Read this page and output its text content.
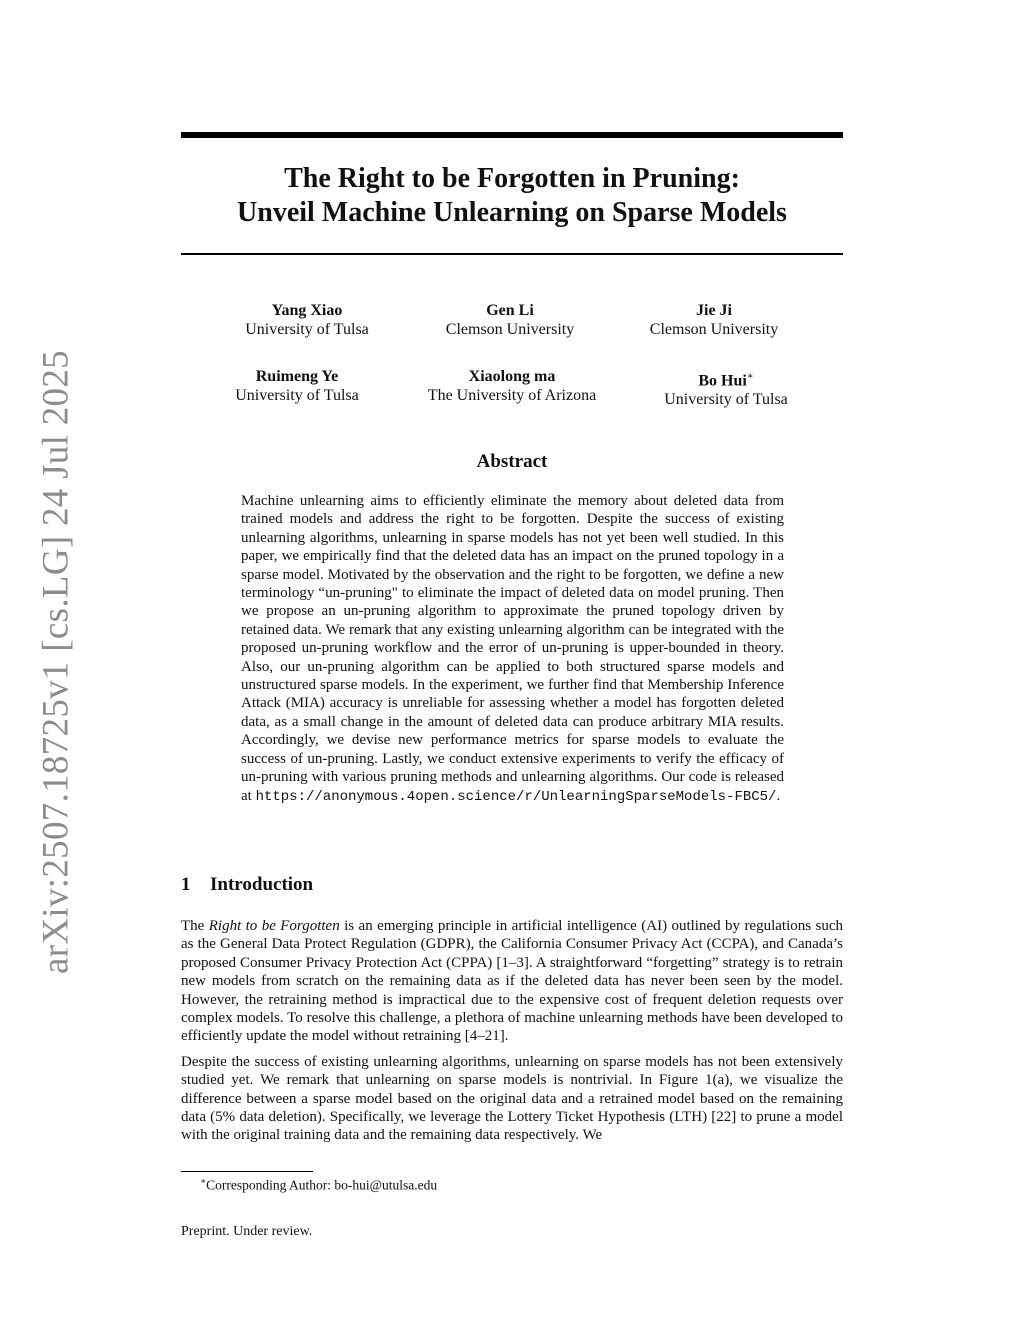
arXiv:2507.18725v1 [cs.LG] 24 Jul 2025
The Right to be Forgotten in Pruning:
Unveil Machine Unlearning on Sparse Models
Yang Xiao
University of Tulsa
Gen Li
Clemson University
Jie Ji
Clemson University
Ruimeng Ye
University of Tulsa
Xiaolong ma
The University of Arizona
Bo Hui∗
University of Tulsa
Abstract

Machine unlearning aims to efficiently eliminate the memory about deleted data from trained models and address the right to be forgotten. Despite the success of existing unlearning algorithms, unlearning in sparse models has not yet been well studied. In this paper, we empirically find that the deleted data has an impact on the pruned topology in a sparse model. Motivated by the observation and the right to be forgotten, we define a new terminology “un-pruning" to eliminate the impact of deleted data on model pruning. Then we propose an un-pruning algorithm to approximate the pruned topology driven by retained data. We remark that any existing unlearning algorithm can be integrated with the proposed un-pruning workflow and the error of un-pruning is upper-bounded in theory. Also, our un-pruning algorithm can be applied to both structured sparse models and unstructured sparse models. In the experiment, we further find that Membership Inference Attack (MIA) accuracy is unreliable for assessing whether a model has forgotten deleted data, as a small change in the amount of deleted data can produce arbitrary MIA results. Accordingly, we devise new performance metrics for sparse models to evaluate the success of un-pruning. Lastly, we conduct extensive experiments to verify the efficacy of un-pruning with various pruning methods and unlearning algorithms. Our code is released at https://anonymous.4open.science/r/UnlearningSparseModels-FBC5/.

1 Introduction

The Right to be Forgotten is an emerging principle in artificial intelligence (AI) outlined by regulations such as the General Data Protect Regulation (GDPR), the California Consumer Privacy Act (CCPA), and Canada’s proposed Consumer Privacy Protection Act (CPPA) [1–3]. A straightforward “forgetting” strategy is to retrain new models from scratch on the remaining data as if the deleted data has never been seen by the model. However, the retraining method is impractical due to the expensive cost of frequent deletion requests over complex models. To resolve this challenge, a plethora of machine unlearning methods have been developed to efficiently update the model without retraining [4–21].

Despite the success of existing unlearning algorithms, unlearning on sparse models has not been extensively studied yet. We remark that unlearning on sparse models is nontrivial. In Figure 1(a), we visualize the difference between a sparse model based on the original data and a retrained model based on the remaining data (5% data deletion). Specifically, we leverage the Lottery Ticket Hypothesis (LTH) [22] to prune a model with the original training data and the remaining data respectively. We

∗Corresponding Author: bo-hui@utulsa.edu
Preprint. Under review.
